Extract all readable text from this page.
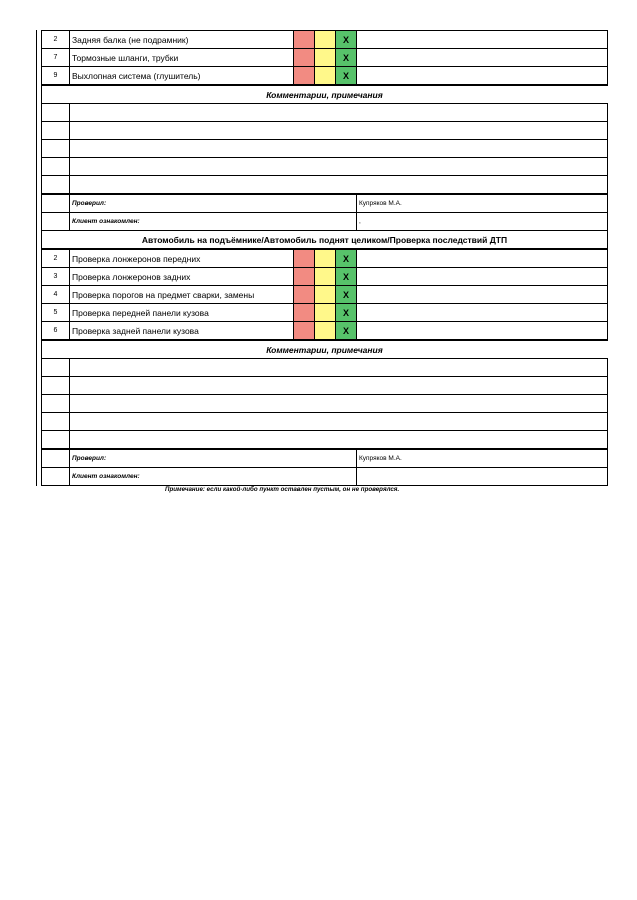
2	Задняя балка (не подрамник)			X	
7	Тормозные шланги, трубки			X	
9	Выхлопная система (глушитель)			X	
Комментарии, примечания					

	Проверил:				Купряков М.А.
	Клиент ознакомлен:				,
Автомобиль на подъёмнике/Автомобиль поднят целиком/Проверка последствий ДТП					
2	Проверка лонжеронов передних			X	
3	Проверка лонжеронов задних			X	
4	Проверка порогов на предмет сварки, замены			X	
5	Проверка передней панели кузова			X	
6	Проверка задней панели кузова			X	
Комментарии, примечания					

	Проверил:				Купряков М.А.
	Клиент ознакомлен:				
Примечание: если какой-либо пункт оставлен пустым, он не проверялся.
